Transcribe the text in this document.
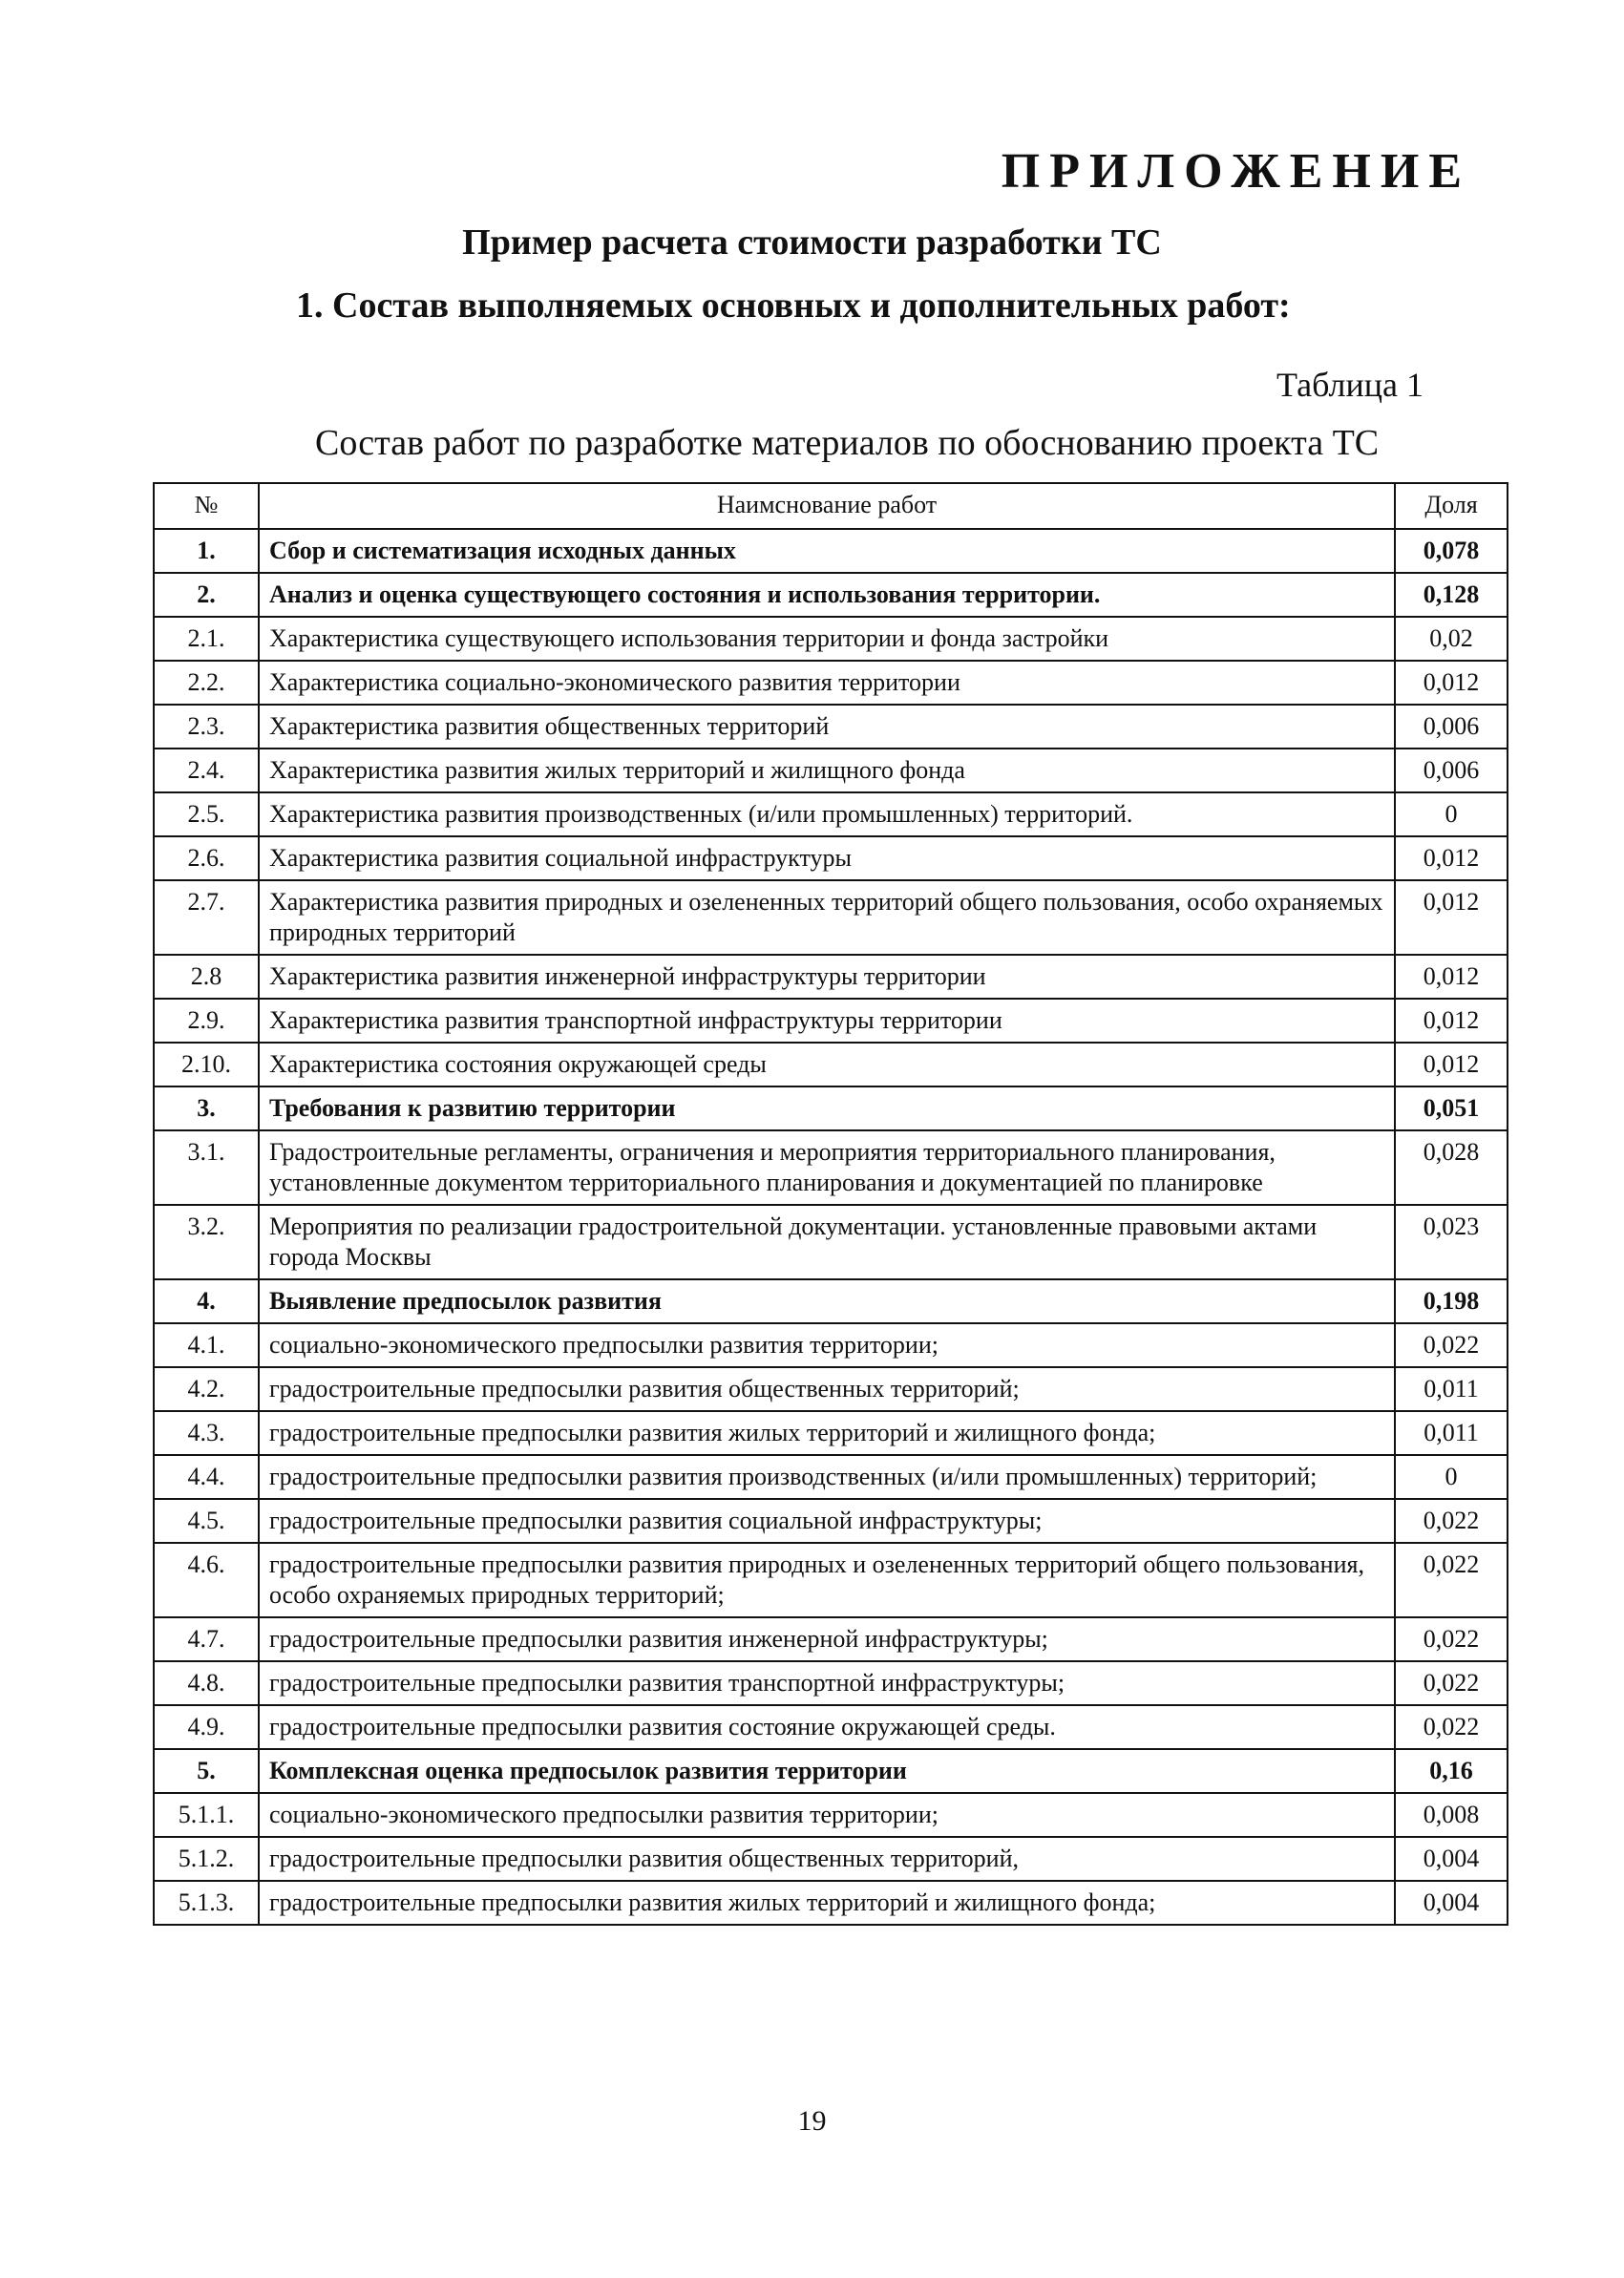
ПРИЛОЖЕНИЕ
Пример расчета стоимости разработки ТС
1. Состав выполняемых основных и дополнительных работ:

Таблица 1

Состав работ по разработке материалов по обоснованию проекта ТС

№	Наимснование работ	Доля
1.	Сбор и систематизация исходных данных	0,078
2.	Анализ и оценка существующего состояния и использования территории.	0,128
2.1.	Характеристика существующего использования территории и фонда застройки	0,02
2.2.	Характеристика социально-экономического развития территории	0,012
2.3.	Характеристика развития общественных территорий	0,006
2.4.	Характеристика развития жилых территорий и жилищного фонда	0,006
2.5.	Характеристика развития производственных (и/или промышленных) территорий.	0
2.6.	Характеристика развития социальной инфраструктуры	0,012
2.7.	Характеристика развития природных и озелененных территорий общего пользования, особо охраняемых природных территорий	0,012
2.8	Характеристика развития инженерной инфраструктуры территории	0,012
2.9.	Характеристика развития транспортной инфраструктуры территории	0,012
2.10.	Характеристика состояния окружающей среды	0,012
3.	Требования к развитию территории	0,051
3.1.	Градостроительные регламенты, ограничения и мероприятия территориального планирования, установленные документом территориального планирования и документацией по планировке	0,028
3.2.	Мероприятия по реализации градостроительной документации. установленные правовыми актами города Москвы	0,023
4.	Выявление предпосылок развития	0,198
4.1.	социально-экономического предпосылки развития территории;	0,022
4.2.	градостроительные предпосылки развития общественных территорий;	0,011
4.3.	градостроительные предпосылки развития жилых территорий и жилищного фонда;	0,011
4.4.	градостроительные предпосылки развития производственных (и/или промышленных) территорий;	0
4.5.	градостроительные предпосылки развития социальной инфраструктуры;	0,022
4.6.	градостроительные предпосылки развития природных и озелененных территорий общего пользования, особо охраняемых природных территорий;	0,022
4.7.	градостроительные предпосылки развития инженерной инфраструктуры;	0,022
4.8.	градостроительные предпосылки развития транспортной инфраструктуры;	0,022
4.9.	градостроительные предпосылки развития состояние окружающей среды.	0,022
5.	Комплексная оценка предпосылок развития территории	0,16
5.1.1.	социально-экономического предпосылки развития территории;	0,008
5.1.2.	градостроительные предпосылки развития общественных территорий,	0,004
5.1.3.	градостроительные предпосылки развития жилых территорий и жилищного фонда;	0,004

19
